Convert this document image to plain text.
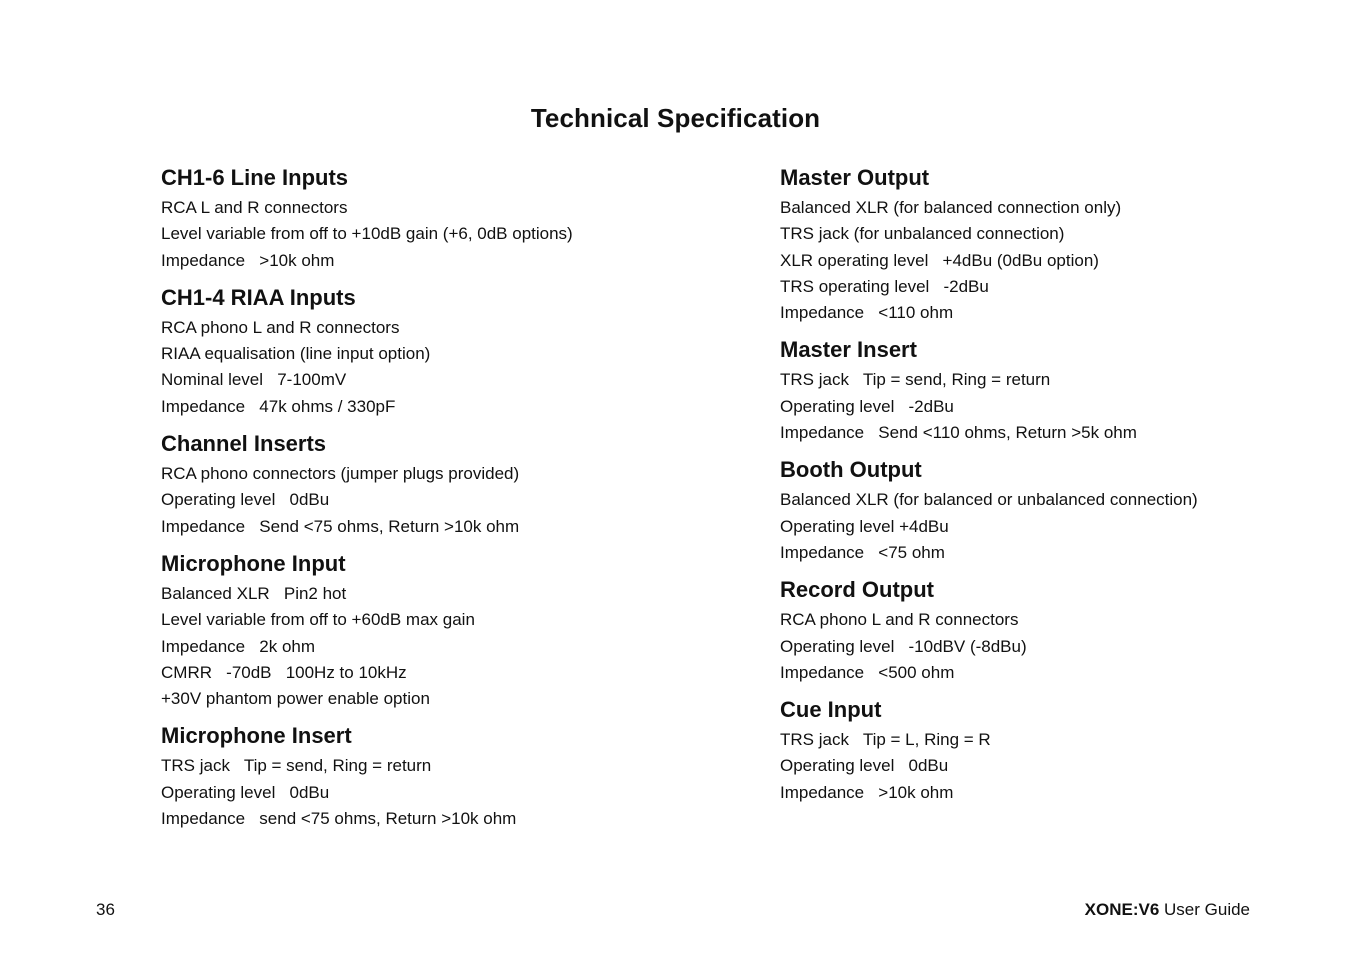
Technical Specification
CH1-6 Line Inputs
RCA L and R connectors
Level variable from off to +10dB gain (+6, 0dB options)
Impedance   >10k ohm
CH1-4 RIAA Inputs
RCA phono L and R connectors
RIAA equalisation (line input option)
Nominal level   7-100mV
Impedance   47k ohms / 330pF
Channel Inserts
RCA phono connectors (jumper plugs provided)
Operating level   0dBu
Impedance   Send <75 ohms, Return >10k ohm
Microphone Input
Balanced XLR   Pin2 hot
Level variable from off to +60dB max gain
Impedance   2k ohm
CMRR   -70dB   100Hz to 10kHz
+30V phantom power enable option
Microphone Insert
TRS jack   Tip = send, Ring = return
Operating level   0dBu
Impedance   send <75 ohms, Return >10k ohm
Master Output
Balanced XLR (for balanced connection only)
TRS jack (for unbalanced connection)
XLR operating level   +4dBu (0dBu option)
TRS operating level   -2dBu
Impedance   <110 ohm
Master Insert
TRS jack   Tip = send, Ring = return
Operating level   -2dBu
Impedance   Send <110 ohms, Return >5k ohm
Booth Output
Balanced XLR (for balanced or unbalanced connection)
Operating level +4dBu
Impedance   <75 ohm
Record Output
RCA phono L and R connectors
Operating level   -10dBV (-8dBu)
Impedance   <500 ohm
Cue Input
TRS jack   Tip = L, Ring = R
Operating level   0dBu
Impedance   >10k ohm
36	XONE:V6 User Guide
